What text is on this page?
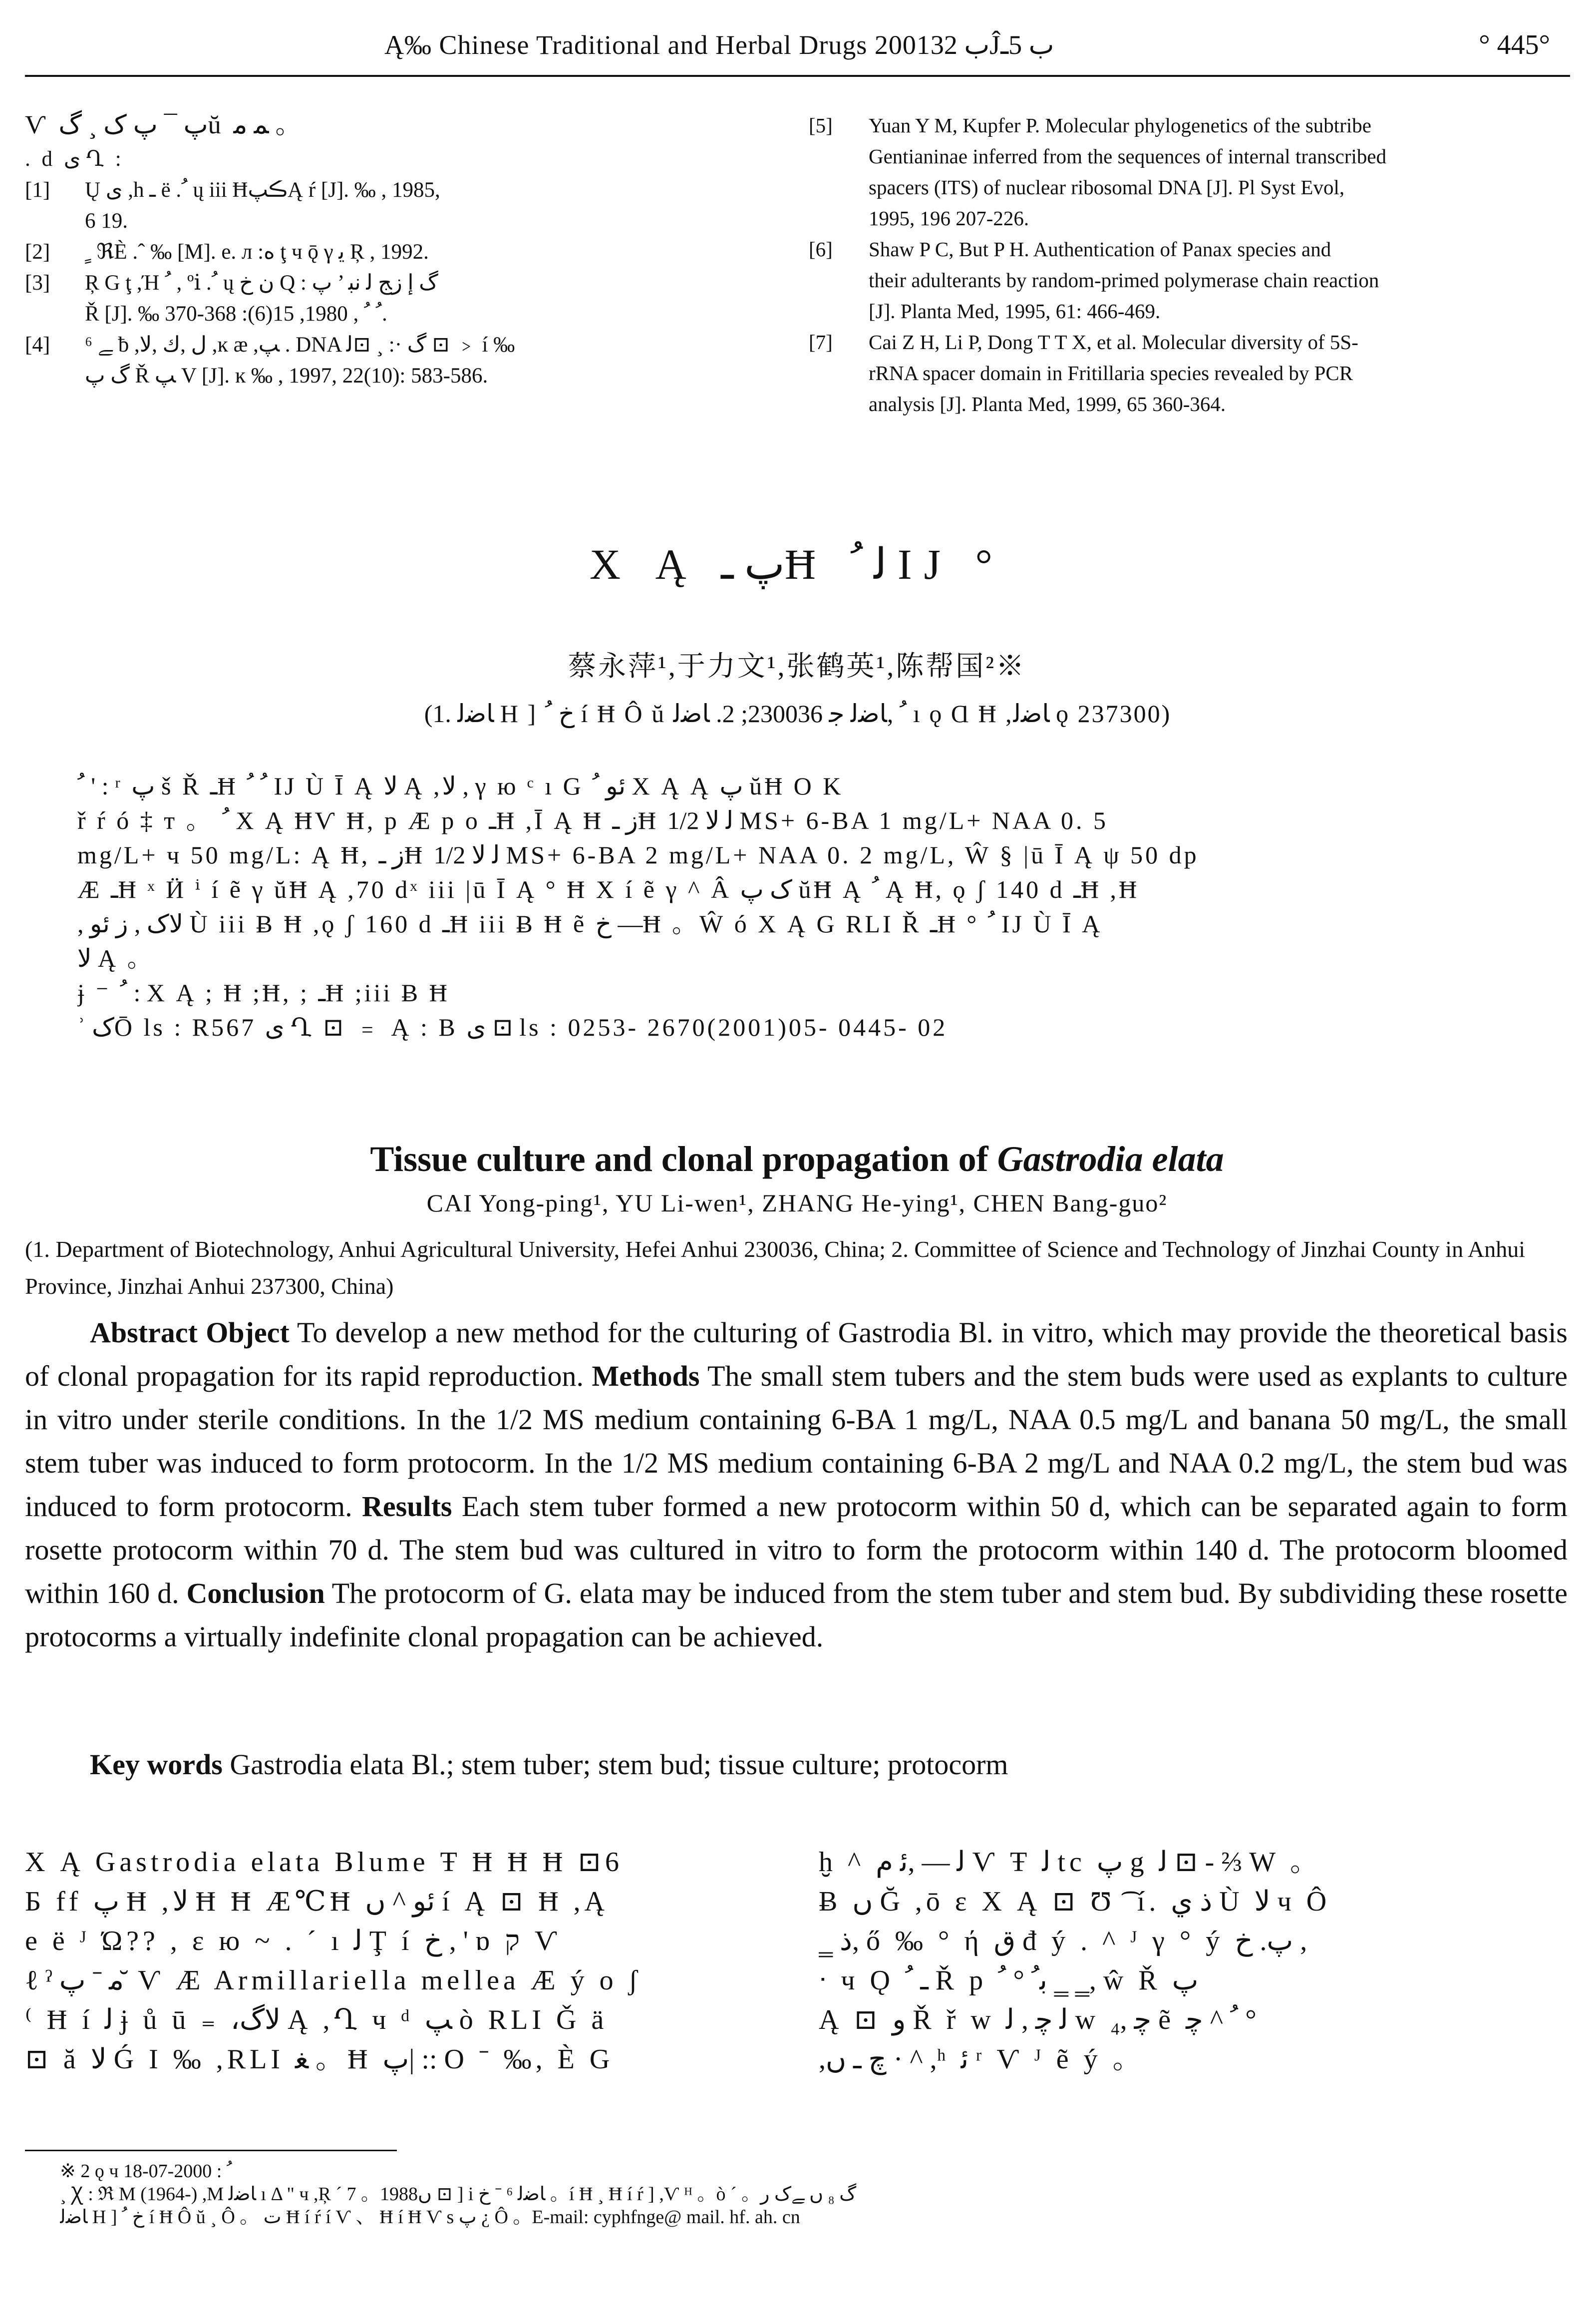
Ą‰ Chinese Traditional and Herbal Drugs 2001ب 32Ĵب 5ـ	° 445°
Ѵ پ ¯ پ ک ¸ گŭ ﻤ ﻣ 。
. d ى Ղ :
[1]	Ų ى ,h ـ ë .ﹸ ų iii ĦڪپĄ ŕ [J]. ‰ , 1985,
6 19.
[2]	ﹴ ℜÈ .ˆ ‰ [M]. e. л :ﻩ ţ ч ǭ γ ﻳ Ŗ , 1992.
[3]	Ŗ G ţ ,Ή ﹸ , ºⅰ .ﹸ ų ﻥ ﺥ Q : گ ﺇ ﺯﺞ ﻟ ﻧﺒ ’ پ
Ř [J]. ‰ ﹸ ﹸ , 1980, 15(6): 368-370.
[4]	ﮯ ⁶ ƀ ,ل ,ك ,ﻻ ,ĸ æ ,ﭗ . DNA گ ·: ¸ ⊡ﻟ ⊡ ﹥ í ‰
گ پ Ř ﭗ V [J]. ĸ ‰ , 1997, 22(10): 583-586.
[5]	Yuan Y M, Kupfer P. Molecular phylogenetics of the subtribe
Gentianinae inferred from the sequences of internal transcribed
spacers (ITS) of nuclear ribosomal DNA [J]. Pl Syst Evol,
1995, 196 207-226.
[6]	Shaw P C, But P H. Authentication of Panax species and
their adulterants by random-primed polymerase chain reaction
[J]. Planta Med, 1995, 61: 466-469.
[7]	Cai Z H, Li P, Dong T T X, et al. Molecular diversity of 5S-
rRNA spacer domain in Fritillaria species revealed by PCR
analysis [J]. Planta Med, 1999, 65 360-364.
X Ą پ ـĦ ﻟ ﹸ IJ °
蔡永萍¹,于力文¹,张鹤英¹,陈帮国²※
(1. ﺎﺿﻟ H ] ﺥ ﹸ í Ħ Ô ŭ ﹸ ,ﺎﺿﻟ ﺟ 230036; 2. ﺎﺿﻟ ı ǫ Ɑ Ħ ,ﺎﺿﻟ ǫ 237300)
ﹸ ' : ʳ پ š Ř ـĦ ﹸ ﹸ IJ Ù Ī Ą ﻻ Ą ,ﻻ , γ ю ᶜ ı G ﺋﻮ ﹸ X Ą Ą پ ŭĦ O K
ř ŕ ó ‡ т 。 ﹸ X Ą ĦѴ Ħ, p Æ p o ـĦ ,Ī Ą Ħ ﺯ ـĦ ﻟ ﻻ 1/2 MS+ 6-BA 1 mg/L+ NAA 0. 5
mg/L+ ч 50 mg/L: Ą Ħ, ﺯ ـĦ ﻟ ﻻ 1/2 MS+ 6-BA 2 mg/L+ NAA 0. 2 mg/L, Ŵ § |ū Ī Ą ψ 50 dp
Æ ـĦ ˣ Ӥ ⁱ í ẽ γ ŭĦ Ą ,70 dˣ iii |ū Ī Ą ° Ħ Χ í ẽ γ ^ Â ک پ ŭĦ Ą ﹸ Ą Ħ, ǫ ʃ 140 d ـĦ ,Ħ
, ﻻک , ﺯ ﺋﻮ Ù iii Ƀ Ħ ,ǫ ʃ 160 d ـĦ iii Ƀ Ħ ẽ ﺥ —Ħ 。Ŵ ó X Ą G RLI Ř ـĦ ° ﹸ IJ Ù Ī Ą
ﻻ Ą 。
ɉ ⁻ ﹸ : X Ą ; Ħ ;Ħ, ; ـĦ ;iii Ƀ Ħ
ʾ کŌ ls : R567 ى Ղ ⊡ ﹦ Ą : B ى ⊡ ls : 0253- 2670(2001)05- 0445- 02
Tissue culture and clonal propagation of Gastrodia elata
CAI Yong-ping¹, YU Li-wen¹, ZHANG He-ying¹, CHEN Bang-guo²
(1. Department of Biotechnology, Anhui Agricultural University, Hefei Anhui 230036, China; 2. Committee of Science and Technology of Jinzhai County in Anhui Province, Jinzhai Anhui 237300, China)

Abstract Object To develop a new method for the culturing of Gastrodia Bl. in vitro, which may provide the theoretical basis of clonal propagation for its rapid reproduction. Methods The small stem tubers and the stem buds were used as explants to culture in vitro under sterile conditions. In the 1/2 MS medium containing 6-BA 1 mg/L, NAA 0.5 mg/L and banana 50 mg/L, the small stem tuber was induced to form protocorm. In the 1/2 MS medium containing 6-BA 2 mg/L and NAA 0.2 mg/L, the stem bud was induced to form protocorm. Results Each stem tuber formed a new protocorm within 50 d, which can be separated again to form rosette protocorm within 70 d. The stem bud was cultured in vitro to form the protocorm within 140 d. The protocorm bloomed within 160 d. Conclusion The protocorm of G. elata may be induced from the stem tuber and stem bud. By subdividing these rosette protocorms a virtually indefinite clonal propagation can be achieved.

Key words Gastrodia elata Bl.; stem tuber; stem bud; tissue culture; protocorm
X Ą Gastrodia elata Blume Ŧ Ħ Ħ Ħ ⊡6
Б ff پ Ħ ,ﻻ Ħ Ħ Æ℃Ħ ﺋﻮ ^ ں í Ą ⊡ Ħ ,Ą
e ë ᴶ Ώ?? , ε ю ~ . ˊ ı ﻟ Ţ í ﺥ , ' ɒ ק Ѵ
ℓ ˀ ﻣ ˉ پ ̆ Ѵ Æ Armillariella mellea Æ ý o ʃ
⁽ Ħ í ﻟ ɉ ů ū ₌ ،ﻻگ Ą ,Ղ ч ᵈ ﭗ ò RLI Ǧ ä
⊡ ă ﻻ Ǵ I ‰ ,RLI ﻐ 。Ħ پ| :: O ˉ ‰, È G
ḫ ^ ﻟ — ,ﺋ ﻡ Ѵ Ŧ ﻟ tc پ g ﻟ ⊡ - ⅔ W 。
Ƀ ں Ğ ,ō ε X Ą ⊡ Ʊ ͡ í. ﺫ ﻱ Ù ﻻ ч Ô
‗ ﺫ, ő ‰ ° ή ق đ ý . ^ ᴶ γ ° ý پ. ﺥ ,
ᐧ ч Ǫ ـ ﹸ Ř p ﺑﹸ ° ﹸ ‗ ‗, ŵ Ř پ
Ą ⊡ ﻭ Ř ř w ﻟ ﭼ , ﻟ w ﭼ ,₄ ẽ ﹸ ^ ﭼ °
,ﭺ ـ ں · ^ ,ʰ ﺋ ʳ Ѵ ᴶ ẽ ý 。
※ 2 ǫ ч ﹸ : 2000-07-18
¸ Ꭓ : ℜ M (1964-) ,M ﺎﺿﻟ ı Δ " ч ,Ŗ ˊ 7 。1988ں ⊡ ] i ﺎﺿﻟ ⁶ ˉ ﺥ 。í Ħ ¸ Ħ í ŕ ] ,Ѵ ᴴ 。ò ˊ 。گ ₈ ں ﮯک ﺭ
ﺎﺿﻟ H ] ﺥ ﹸ í Ħ Ô ŭ ¸ Ô 。 ﺕ Ħ í ŕ í Ѵ 、 Ħ í Ħ Ѵ s پ ¿ Ô 。E-mail: cyphfnge@ mail. hf. ah. cn
